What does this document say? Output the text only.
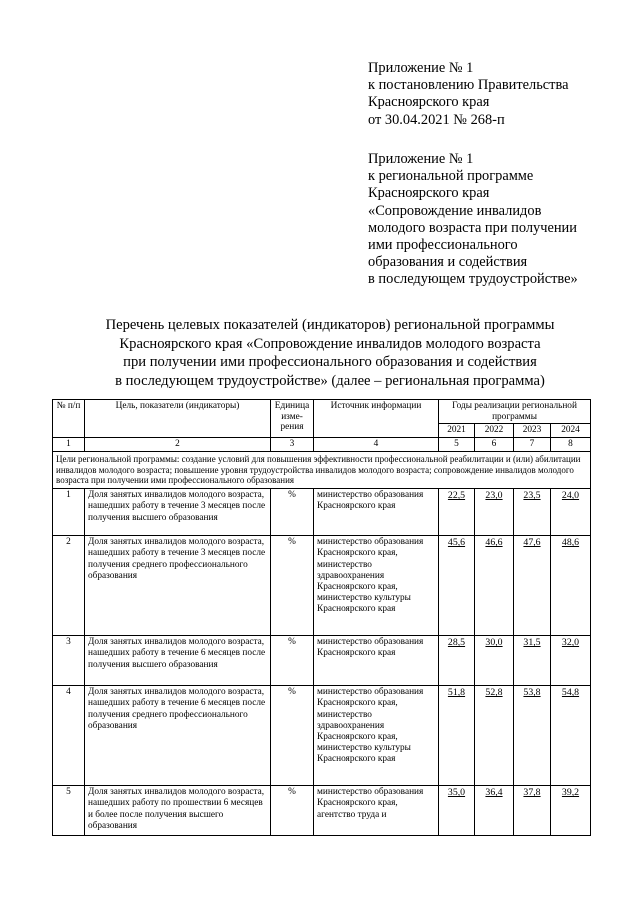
Приложение № 1
к постановлению Правительства
Красноярского края
от 30.04.2021 № 268-п
Приложение № 1
к региональной программе
Красноярского края
«Сопровождение инвалидов
молодого возраста при получении
ими профессионального
образования и содействия
в последующем трудоустройстве»
Перечень целевых показателей (индикаторов) региональной программы
Красноярского края «Сопровождение инвалидов молодого возраста
при получении ими профессионального образования и содействия
в последующем трудоустройстве» (далее – региональная программа)
№ п/п	Цель, показатели (индикаторы)	Единица изме-рения	Источник информации	Годы реализации региональной программы			
				2021	2022	2023	2024
1	2	3	4	5	6	7	8
Цели региональной программы: создание условий для повышения эффективности профессиональной реабилитации и (или) абилитации инвалидов молодого возраста; повышение уровня трудоустройства инвалидов молодого возраста; сопровождение инвалидов молодого возраста при получении ими профессионального образования							
1	Доля занятых инвалидов молодого возраста, нашедших работу в течение 3 месяцев после получения высшего образования	%	министерство образования Красноярского края	22,5	23,0	23,5	24,0
2	Доля занятых инвалидов молодого возраста, нашедших работу в течение 3 месяцев после получения среднего профессионального образования	%	министерство образования Красноярского края, министерство здравоохранения Красноярского края, министерство культуры Красноярского края	45,6	46,6	47,6	48,6
3	Доля занятых инвалидов молодого возраста, нашедших работу в течение 6 месяцев после получения высшего образования	%	министерство образования Красноярского края	28,5	30,0	31,5	32,0
4	Доля занятых инвалидов молодого возраста, нашедших работу в течение 6 месяцев после получения среднего профессионального образования	%	министерство образования Красноярского края, министерство здравоохранения Красноярского края, министерство культуры Красноярского края	51,8	52,8	53,8	54,8
5	Доля занятых инвалидов молодого возраста, нашедших работу по прошествии 6 месяцев и более после получения высшего образования	%	министерство образования Красноярского края, агентство труда и	35,0	36,4	37,8	39,2
